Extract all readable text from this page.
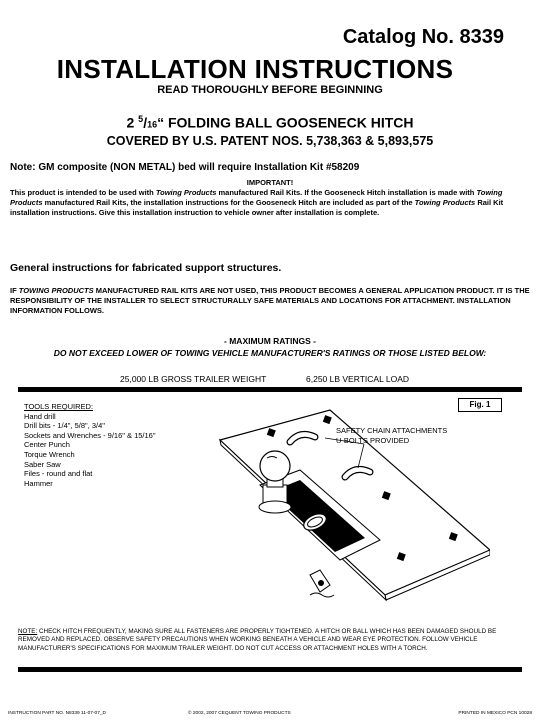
Catalog No. 8339
INSTALLATION INSTRUCTIONS
READ THOROUGHLY BEFORE BEGINNING
2 $^5$/16“ FOLDING BALL GOOSENECK HITCH
COVERED BY U.S. PATENT NOS. 5,738,363 & 5,893,575
Note: GM composite (NON METAL) bed will require Installation Kit #58209
IMPORTANT!
This product is intended to be used with Towing Products manufactured Rail Kits. If the Gooseneck Hitch installation is made with Towing Products manufactured Rail Kits, the installation instructions for the Gooseneck Hitch are included as part of the Towing Products Rail Kit installation instructions. Give this installation instruction to vehicle owner after installation is complete.
General instructions for fabricated support structures.
IF TOWING PRODUCTS MANUFACTURED RAIL KITS ARE NOT USED, THIS PRODUCT BECOMES A GENERAL APPLICATION PRODUCT. IT IS THE RESPONSIBILITY OF THE INSTALLER TO SELECT STRUCTURALLY SAFE MATERIALS AND LOCATIONS FOR ATTACHMENT. INSTALLATION INFORMATION FOLLOWS.
- MAXIMUM RATINGS -
DO NOT EXCEED LOWER OF TOWING VEHICLE MANUFACTURER'S RATINGS OR THOSE LISTED BELOW:
25,000 LB GROSS TRAILER WEIGHT	6,250 LB VERTICAL LOAD
TOOLS REQUIRED:
Hand drill
Drill bits - 1/4", 5/8", 3/4"
Sockets and Wrenches - 9/16" & 15/16"
Center Punch
Torque Wrench
Saber Saw
Files - round and flat
Hammer
Fig. 1
SAFETY CHAIN ATTACHMENTS
U-BOLTS PROVIDED
NOTE: CHECK HITCH FREQUENTLY, MAKING SURE ALL FASTENERS ARE PROPERLY TIGHTENED. A HITCH OR BALL WHICH HAS BEEN DAMAGED SHOULD BE REMOVED AND REPLACED. OBSERVE SAFETY PRECAUTIONS WHEN WORKING BENEATH A VEHICLE AND WEAR EYE PROTECTION. FOLLOW VEHICLE MANUFACTURER'S SPECIFICATIONS FOR MAXIMUM TRAILER WEIGHT. DO NOT CUT ACCESS OR ATTACHMENT HOLES WITH A TORCH.
INSTRUCTION PART NO. N8339 11-07-07_D	© 2002, 2007 CEQUENT TOWING PRODUCTS	PRINTED IN MEXICO PCN 10028
